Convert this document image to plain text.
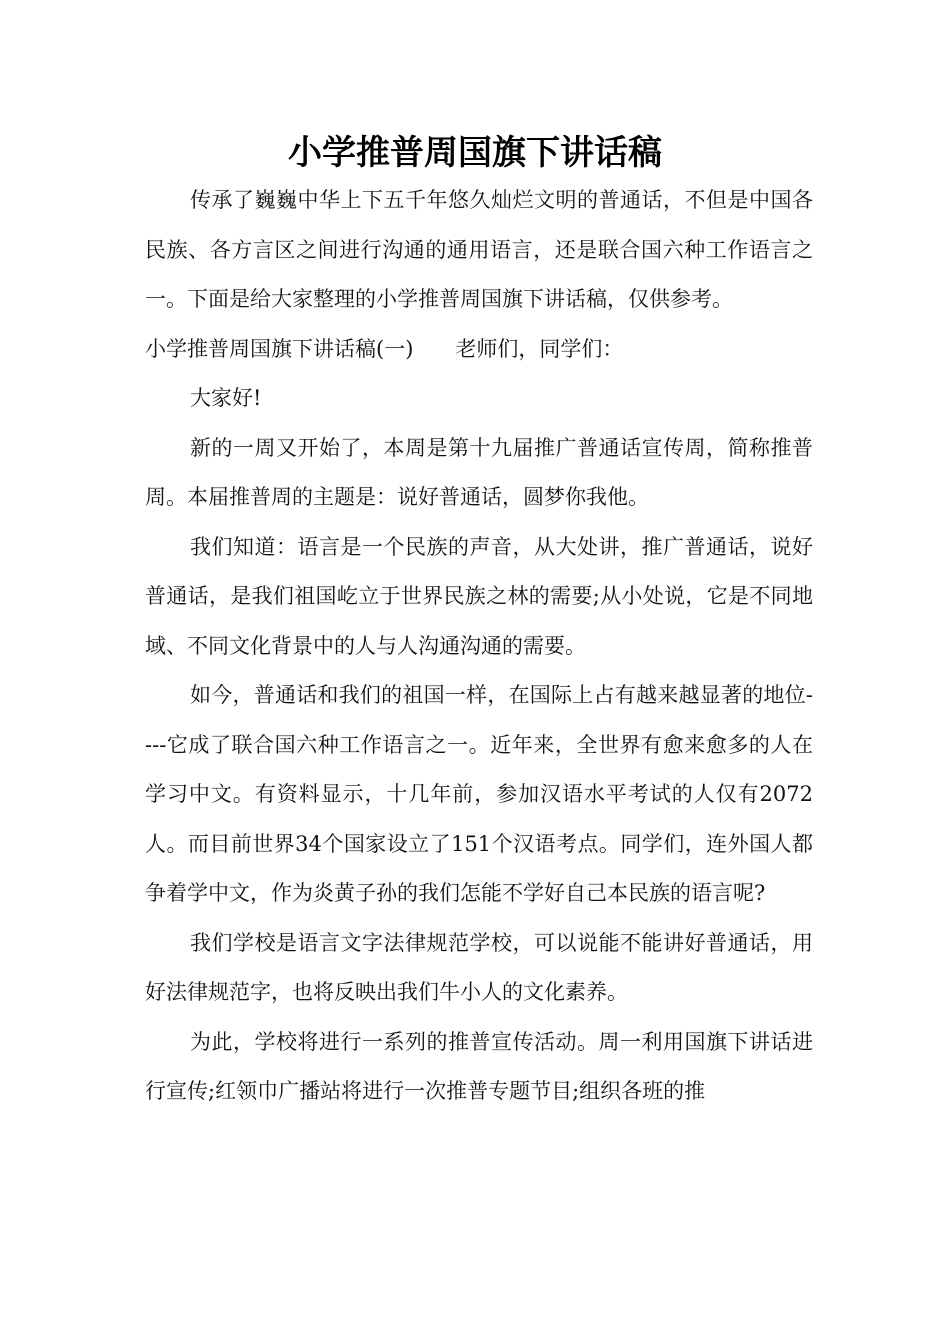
小学推普周国旗下讲话稿

传承了巍巍中华上下五千年悠久灿烂文明的普通话，不但是中国各民族、各方言区之间进行沟通的通用语言，还是联合国六种工作语言之一。下面是给大家整理的小学推普周国旗下讲话稿，仅供参考。

小学推普周国旗下讲话稿(一) 老师们，同学们：

大家好!

新的一周又开始了，本周是第十九届推广普通话宣传周，简称推普周。本届推普周的主题是：说好普通话，圆梦你我他。

我们知道：语言是一个民族的声音，从大处讲，推广普通话，说好普通话，是我们祖国屹立于世界民族之林的需要;从小处说，它是不同地域、不同文化背景中的人与人沟通沟通的需要。

如今，普通话和我们的祖国一样，在国际上占有越来越显著的地位----它成了联合国六种工作语言之一。近年来，全世界有愈来愈多的人在学习中文。有资料显示，十几年前，参加汉语水平考试的人仅有2072人。而目前世界34个国家设立了151个汉语考点。同学们，连外国人都争着学中文，作为炎黄子孙的我们怎能不学好自己本民族的语言呢?

我们学校是语言文字法律规范学校，可以说能不能讲好普通话，用好法律规范字，也将反映出我们牛小人的文化素养。

为此，学校将进行一系列的推普宣传活动。周一利用国旗下讲话进行宣传;红领巾广播站将进行一次推普专题节目;组织各班的推
